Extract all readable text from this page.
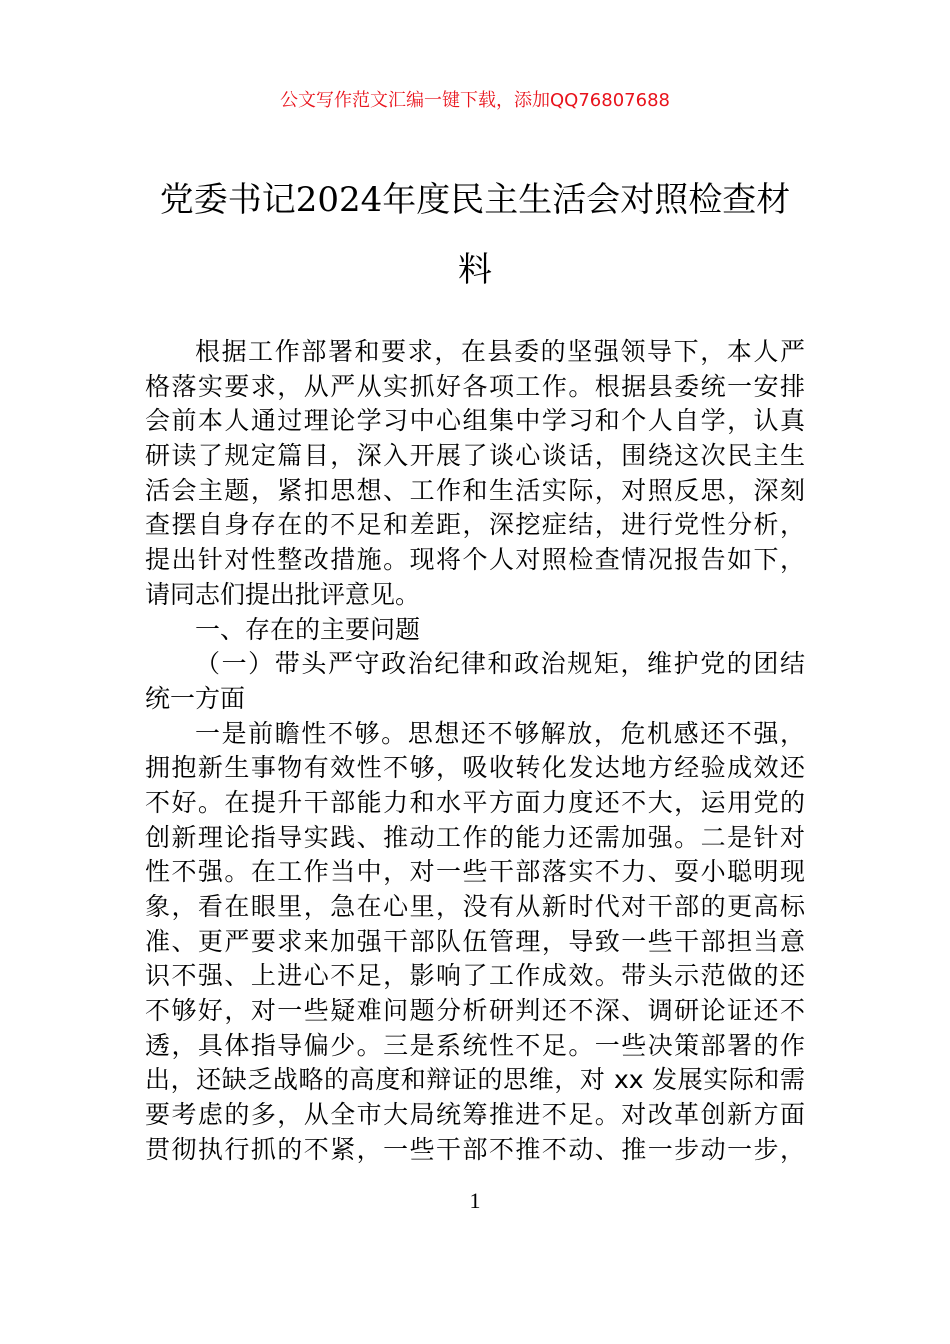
公文写作范文汇编一键下载，添加QQ76807688
党委书记2024年度民主生活会对照检查材
料
根据工作部署和要求，在县委的坚强领导下，本人严
格落实要求，从严从实抓好各项工作。根据县委统一安排
会前本人通过理论学习中心组集中学习和个人自学，认真
研读了规定篇目，深入开展了谈心谈话，围绕这次民主生
活会主题，紧扣思想、工作和生活实际，对照反思，深刻
查摆自身存在的不足和差距，深挖症结，进行党性分析，
提出针对性整改措施。现将个人对照检查情况报告如下，
请同志们提出批评意见。
一、存在的主要问题
（一）带头严守政治纪律和政治规矩，维护党的团结
统一方面
一是前瞻性不够。思想还不够解放，危机感还不强，
拥抱新生事物有效性不够，吸收转化发达地方经验成效还
不好。在提升干部能力和水平方面力度还不大，运用党的
创新理论指导实践、推动工作的能力还需加强。二是针对
性不强。在工作当中，对一些干部落实不力、耍小聪明现
象，看在眼里，急在心里，没有从新时代对干部的更高标
准、更严要求来加强干部队伍管理，导致一些干部担当意
识不强、上进心不足，影响了工作成效。带头示范做的还
不够好，对一些疑难问题分析研判还不深、调研论证还不
透，具体指导偏少。三是系统性不足。一些决策部署的作
出，还缺乏战略的高度和辩证的思维，对 xx 发展实际和需
要考虑的多，从全市大局统筹推进不足。对改革创新方面
贯彻执行抓的不紧，一些干部不推不动、推一步动一步，
1
